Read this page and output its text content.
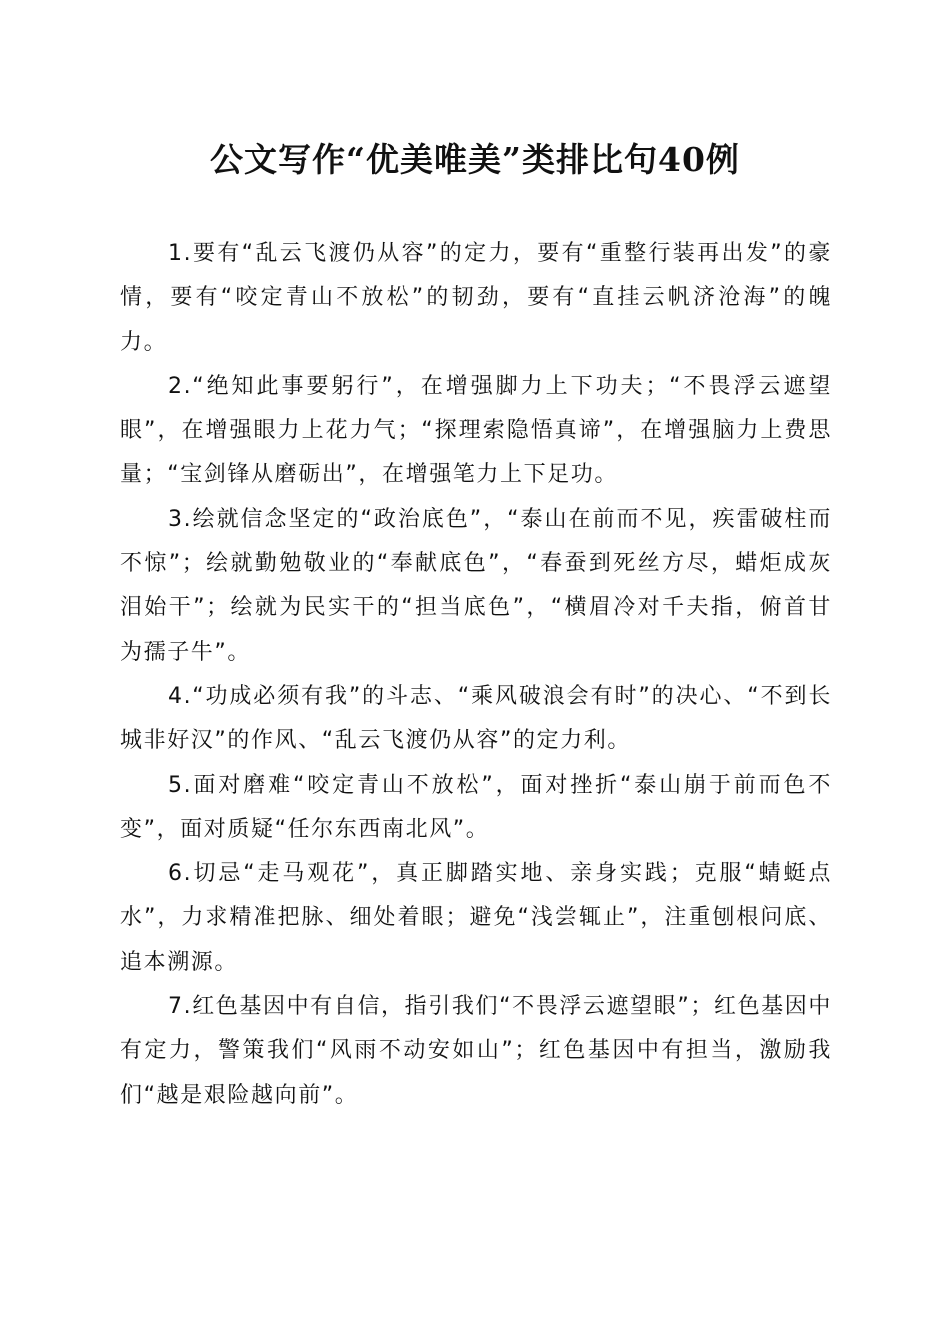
公文写作“优美唯美”类排比句40例

1.要有“乱云飞渡仍从容”的定力，要有“重整行装再出发”的豪情，要有“咬定青山不放松”的韧劲，要有“直挂云帆济沧海”的魄力。

2.“绝知此事要躬行”，在增强脚力上下功夫；“不畏浮云遮望眼”，在增强眼力上花力气；“探理索隐悟真谛”，在增强脑力上费思量；“宝剑锋从磨砺出”，在增强笔力上下足功。

3.绘就信念坚定的“政治底色”，“泰山在前而不见，疾雷破柱而不惊”；绘就勤勉敬业的“奉献底色”，“春蚕到死丝方尽，蜡炬成灰泪始干”；绘就为民实干的“担当底色”，“横眉冷对千夫指，俯首甘为孺子牛”。

4.“功成必须有我”的斗志、“乘风破浪会有时”的决心、“不到长城非好汉”的作风、“乱云飞渡仍从容”的定力利。

5.面对磨难“咬定青山不放松”，面对挫折“泰山崩于前而色不变”，面对质疑“任尔东西南北风”。

6.切忌“走马观花”，真正脚踏实地、亲身实践；克服“蜻蜓点水”，力求精准把脉、细处着眼；避免“浅尝辄止”，注重刨根问底、追本溯源。

7.红色基因中有自信，指引我们“不畏浮云遮望眼”；红色基因中有定力，警策我们“风雨不动安如山”；红色基因中有担当，激励我们“越是艰险越向前”。
